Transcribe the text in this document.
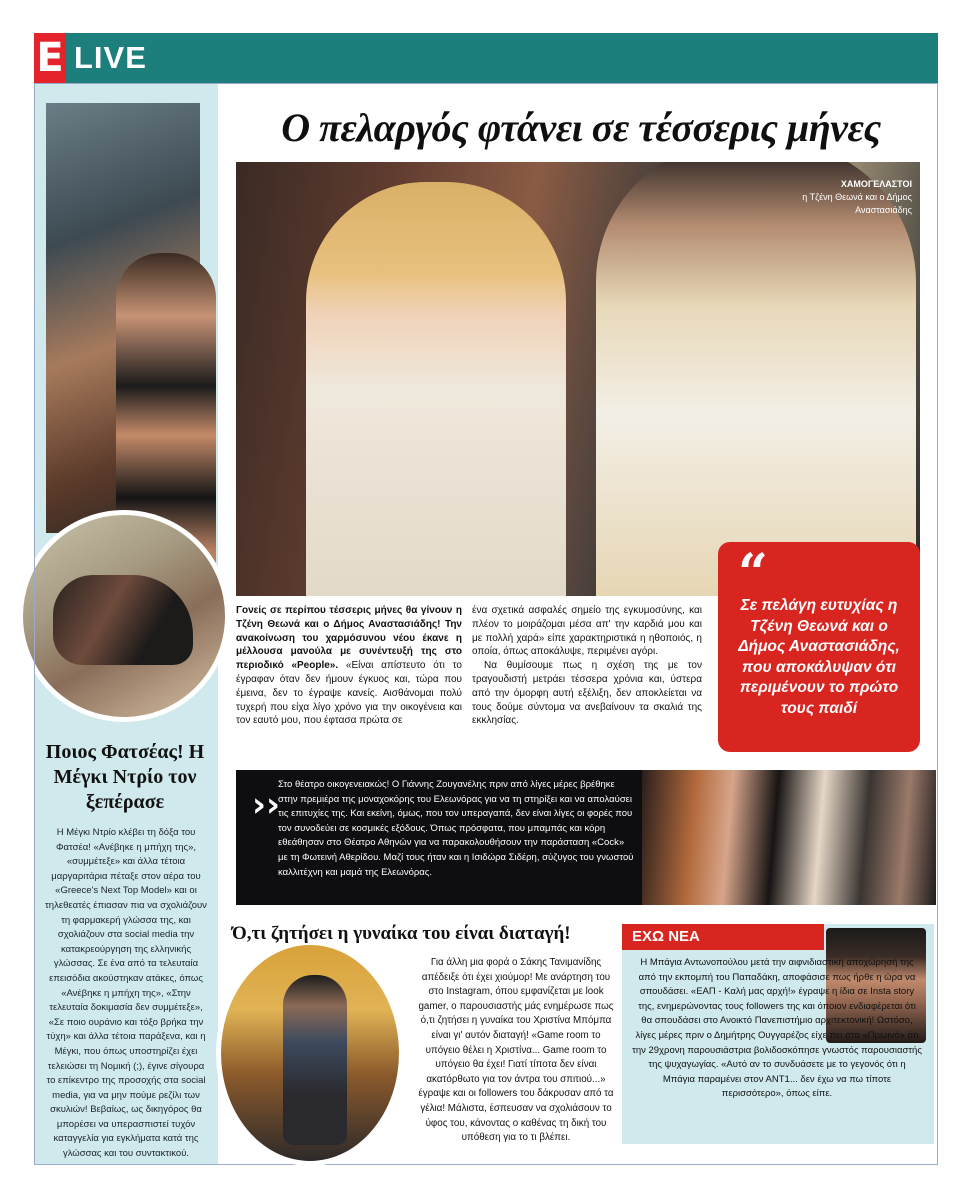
E LIVE
Ποιος Φατσέας! Η Μέγκι Ντρίο τον ξεπέρασε
Η Μέγκι Ντρίο κλέβει τη δόξα του Φατσέα! «Ανέβηκε η μπήχη της», «συμμέτεξε» και άλλα τέτοια μαργαριτάρια πέταξε στον αέρα του «Greece's Next Top Model» και οι τηλεθεατές έπιασαν πια να σχολιάζουν τη φαρμακερή γλώσσα της, και σχολιάζουν στα social media την κατακρεούργηση της ελληνικής γλώσσας. Σε ένα από τα τελευταία επεισόδια ακούστηκαν ατάκες, όπως «Ανέβηκε η μπήχη της», «Στην τελευταία δοκιμασία δεν συμμέτεξε», «Σε ποιο ουράνιο και τόξο βρήκα την τύχη» και άλλα τέτοια παράξενα, και η Μέγκι, που όπως υποστηρίζει έχει τελειώσει τη Νομική (;), έγινε σίγουρα το επίκεντρο της προσοχής στα social media, για να μην πούμε ρεζίλι των σκυλιών! Βεβαίως, ως δικηγόρος θα μπορέσει να υπερασπιστεί τυχόν καταγγελία για εγκλήματα κατά της γλώσσας και του συντακτικού.
Ο πελαργός φτάνει σε τέσσερις μήνες
ΧΑΜΟΓΕΛΑΣΤΟΙ
η Τζένη Θεωνά και ο Δήμος Αναστασιάδης
“
Σε πελάγη ευτυχίας η Τζένη Θεωνά και ο Δήμος Αναστασιάδης, που αποκάλυψαν ότι περιμένουν το πρώτο τους παιδί
Γονείς σε περίπου τέσσερις μήνες θα γίνουν η Τζένη Θεωνά και ο Δήμος Αναστασιάδης! Την ανακοίνωση του χαρμόσυνου νέου έκανε η μέλλουσα μανούλα με συνέντευξή της στο περιοδικό «People». «Είναι απίστευτο ότι το έγραφαν όταν δεν ήμουν έγκυος και, τώρα που έμεινα, δεν το έγραψε κανείς. Αισθάνομαι πολύ τυχερή που είχα λίγο χρόνο για την οικογένεια και τον εαυτό μου, που έφτασα πρώτα σε
ένα σχετικά ασφαλές σημείο της εγκυμοσύνης, και πλέον το μοιράζομαι μέσα απ' την καρδιά μου και με πολλή χαρά» είπε χαρακτηριστικά η ηθοποιός, η οποία, όπως αποκάλυψε, περιμένει αγόρι.
Να θυμίσουμε πως η σχέση της με τον τραγουδιστή μετράει τέσσερα χρόνια και, ύστερα από την όμορφη αυτή εξέλιξη, δεν αποκλείεται να τους δούμε σύντομα να ανεβαίνουν τα σκαλιά της εκκλησίας.
››
Στο θέατρο οικογενειακώς! Ο Γιάννης Ζουγανέλης πριν από λίγες μέρες βρέθηκε στην πρεμιέρα της μοναχοκόρης του Ελεωνόρας για να τη στηρίξει και να απολαύσει τις επιτυχίες της. Και εκείνη, όμως, που τον υπεραγαπά, δεν είναι λίγες οι φορές που τον συνοδεύει σε κοσμικές εξόδους. Όπως πρόσφατα, που μπαμπάς και κόρη εθεάθησαν στο Θέατρο Αθηνών για να παρακολουθήσουν την παράσταση «Cock» με τη Φωτεινή Αθερίδου. Μαζί τους ήταν και η Ισιδώρα Σιδέρη, σύζυγος του γνωστού καλλιτέχνη και μαμά της Ελεωνόρας.
Ό,τι ζητήσει η γυναίκα του είναι διαταγή!
Για άλλη μια φορά ο Σάκης Τανιμανίδης απέδειξε ότι έχει χιούμορ! Με ανάρτηση του στο Instagram, όπου εμφανίζεται με look gamer, ο παρουσιαστής μάς ενημέρωσε πως ό,τι ζητήσει η γυναίκα του Χριστίνα Μπόμπα είναι γι' αυτόν διαταγή! «Game room το υπόγειο θέλει η Χριστίνα... Game room το υπόγειο θα έχει! Γιατί τίποτα δεν είναι ακατόρθωτο για τον άντρα του σπιτιού...» έγραψε και οι followers του δάκρυσαν από τα γέλια! Μάλιστα, έσπευσαν να σχολιάσουν το ύφος του, κάνοντας ο καθένας τη δική του υπόθεση για το τι βλέπει.
ΕΧΩ ΝΕΑ
Η Μπάγια Αντωνοπούλου μετά την αιφνιδιαστική αποχώρησή της από την εκπομπή του Παπαδάκη, αποφάσισε πως ήρθε η ώρα να σπουδάσει. «ΕΑΠ - Καλή μας αρχή!» έγραψε η ίδια σε Insta story της, ενημερώνοντας τους followers της και όποιον ενδιαφέρεται ότι θα σπουδάσει στο Ανοικτό Πανεπιστήμιο αρχιτεκτονική! Ωστόσο, λίγες μέρες πριν ο Δημήτρης Ουγγαρέζος είχε πει στο «Πρωινό» ότι την 29χρονη παρουσιάστρια βολιδοσκόπησε γνωστός παρουσιαστής της ψυχαγωγίας. «Αυτό αν το συνδυάσετε με το γεγονός ότι η Μπάγια παραμένει στον ΑΝΤ1... δεν έχω να πω τίποτε περισσότερο», όπως είπε.
